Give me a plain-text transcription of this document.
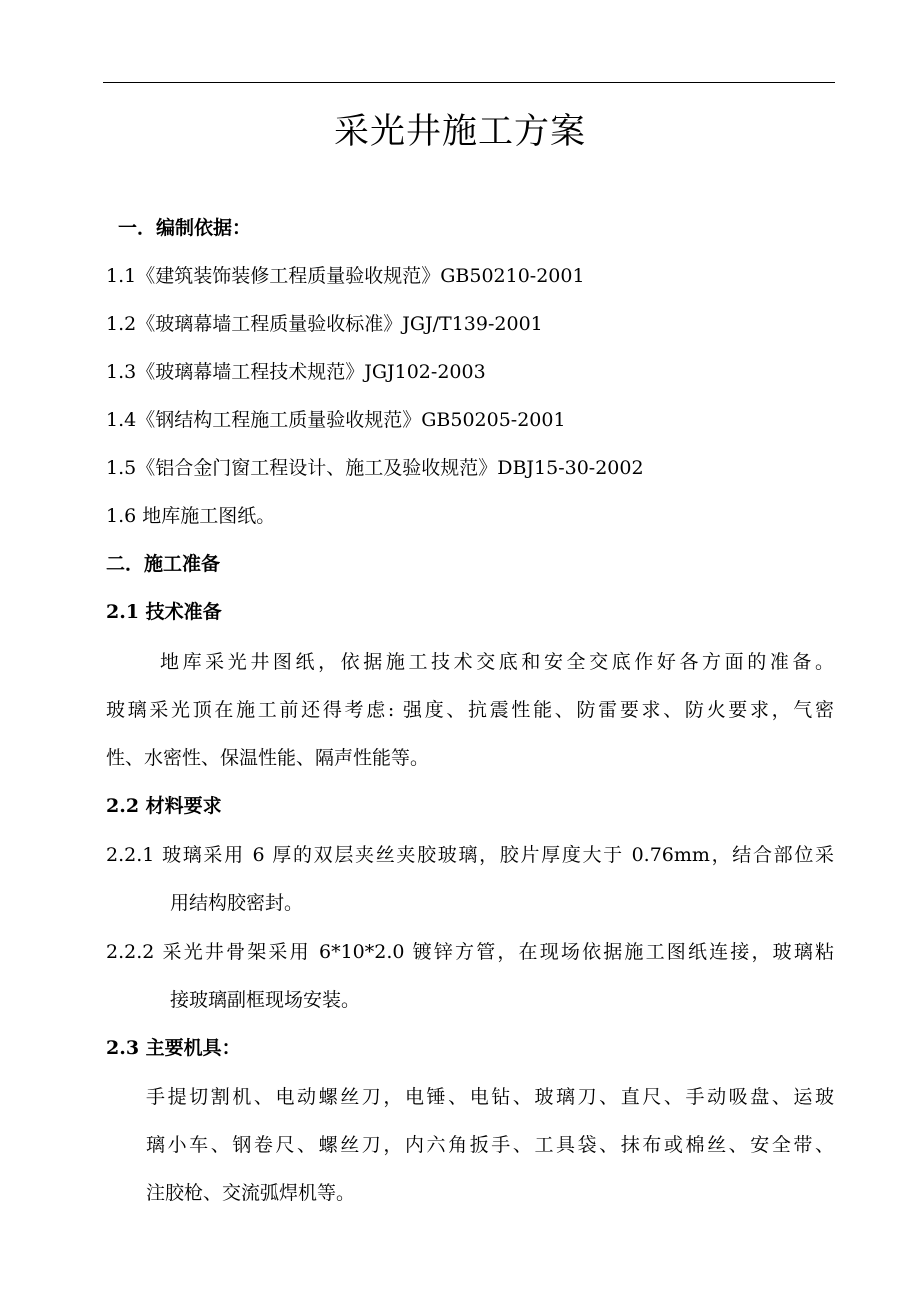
采光井施工方案
一．编制依据：
1.1《建筑装饰装修工程质量验收规范》GB50210-2001
1.2《玻璃幕墙工程质量验收标准》JGJ/T139-2001
1.3《玻璃幕墙工程技术规范》JGJ102-2003
1.4《钢结构工程施工质量验收规范》GB50205-2001
1.5《铝合金门窗工程设计、施工及验收规范》DBJ15-30-2002
1.6 地库施工图纸。
二．施工准备
2.1 技术准备
地库采光井图纸，依据施工技术交底和安全交底作好各方面的准备。
玻璃采光顶在施工前还得考虑: 强度、抗震性能、防雷要求、防火要求，气密
性、水密性、保温性能、隔声性能等。
2.2 材料要求
2.2.1 玻璃采用 6 厚的双层夹丝夹胶玻璃，胶片厚度大于 0.76mm，结合部位采
用结构胶密封。
2.2.2 采光井骨架采用 6*10*2.0 镀锌方管，在现场依据施工图纸连接，玻璃粘
接玻璃副框现场安装。
2.3 主要机具：
手提切割机、电动螺丝刀，电锤、电钻、玻璃刀、直尺、手动吸盘、运玻
璃小车、钢卷尺、螺丝刀，内六角扳手、工具袋、抹布或棉丝、安全带、
注胶枪、交流弧焊机等。
